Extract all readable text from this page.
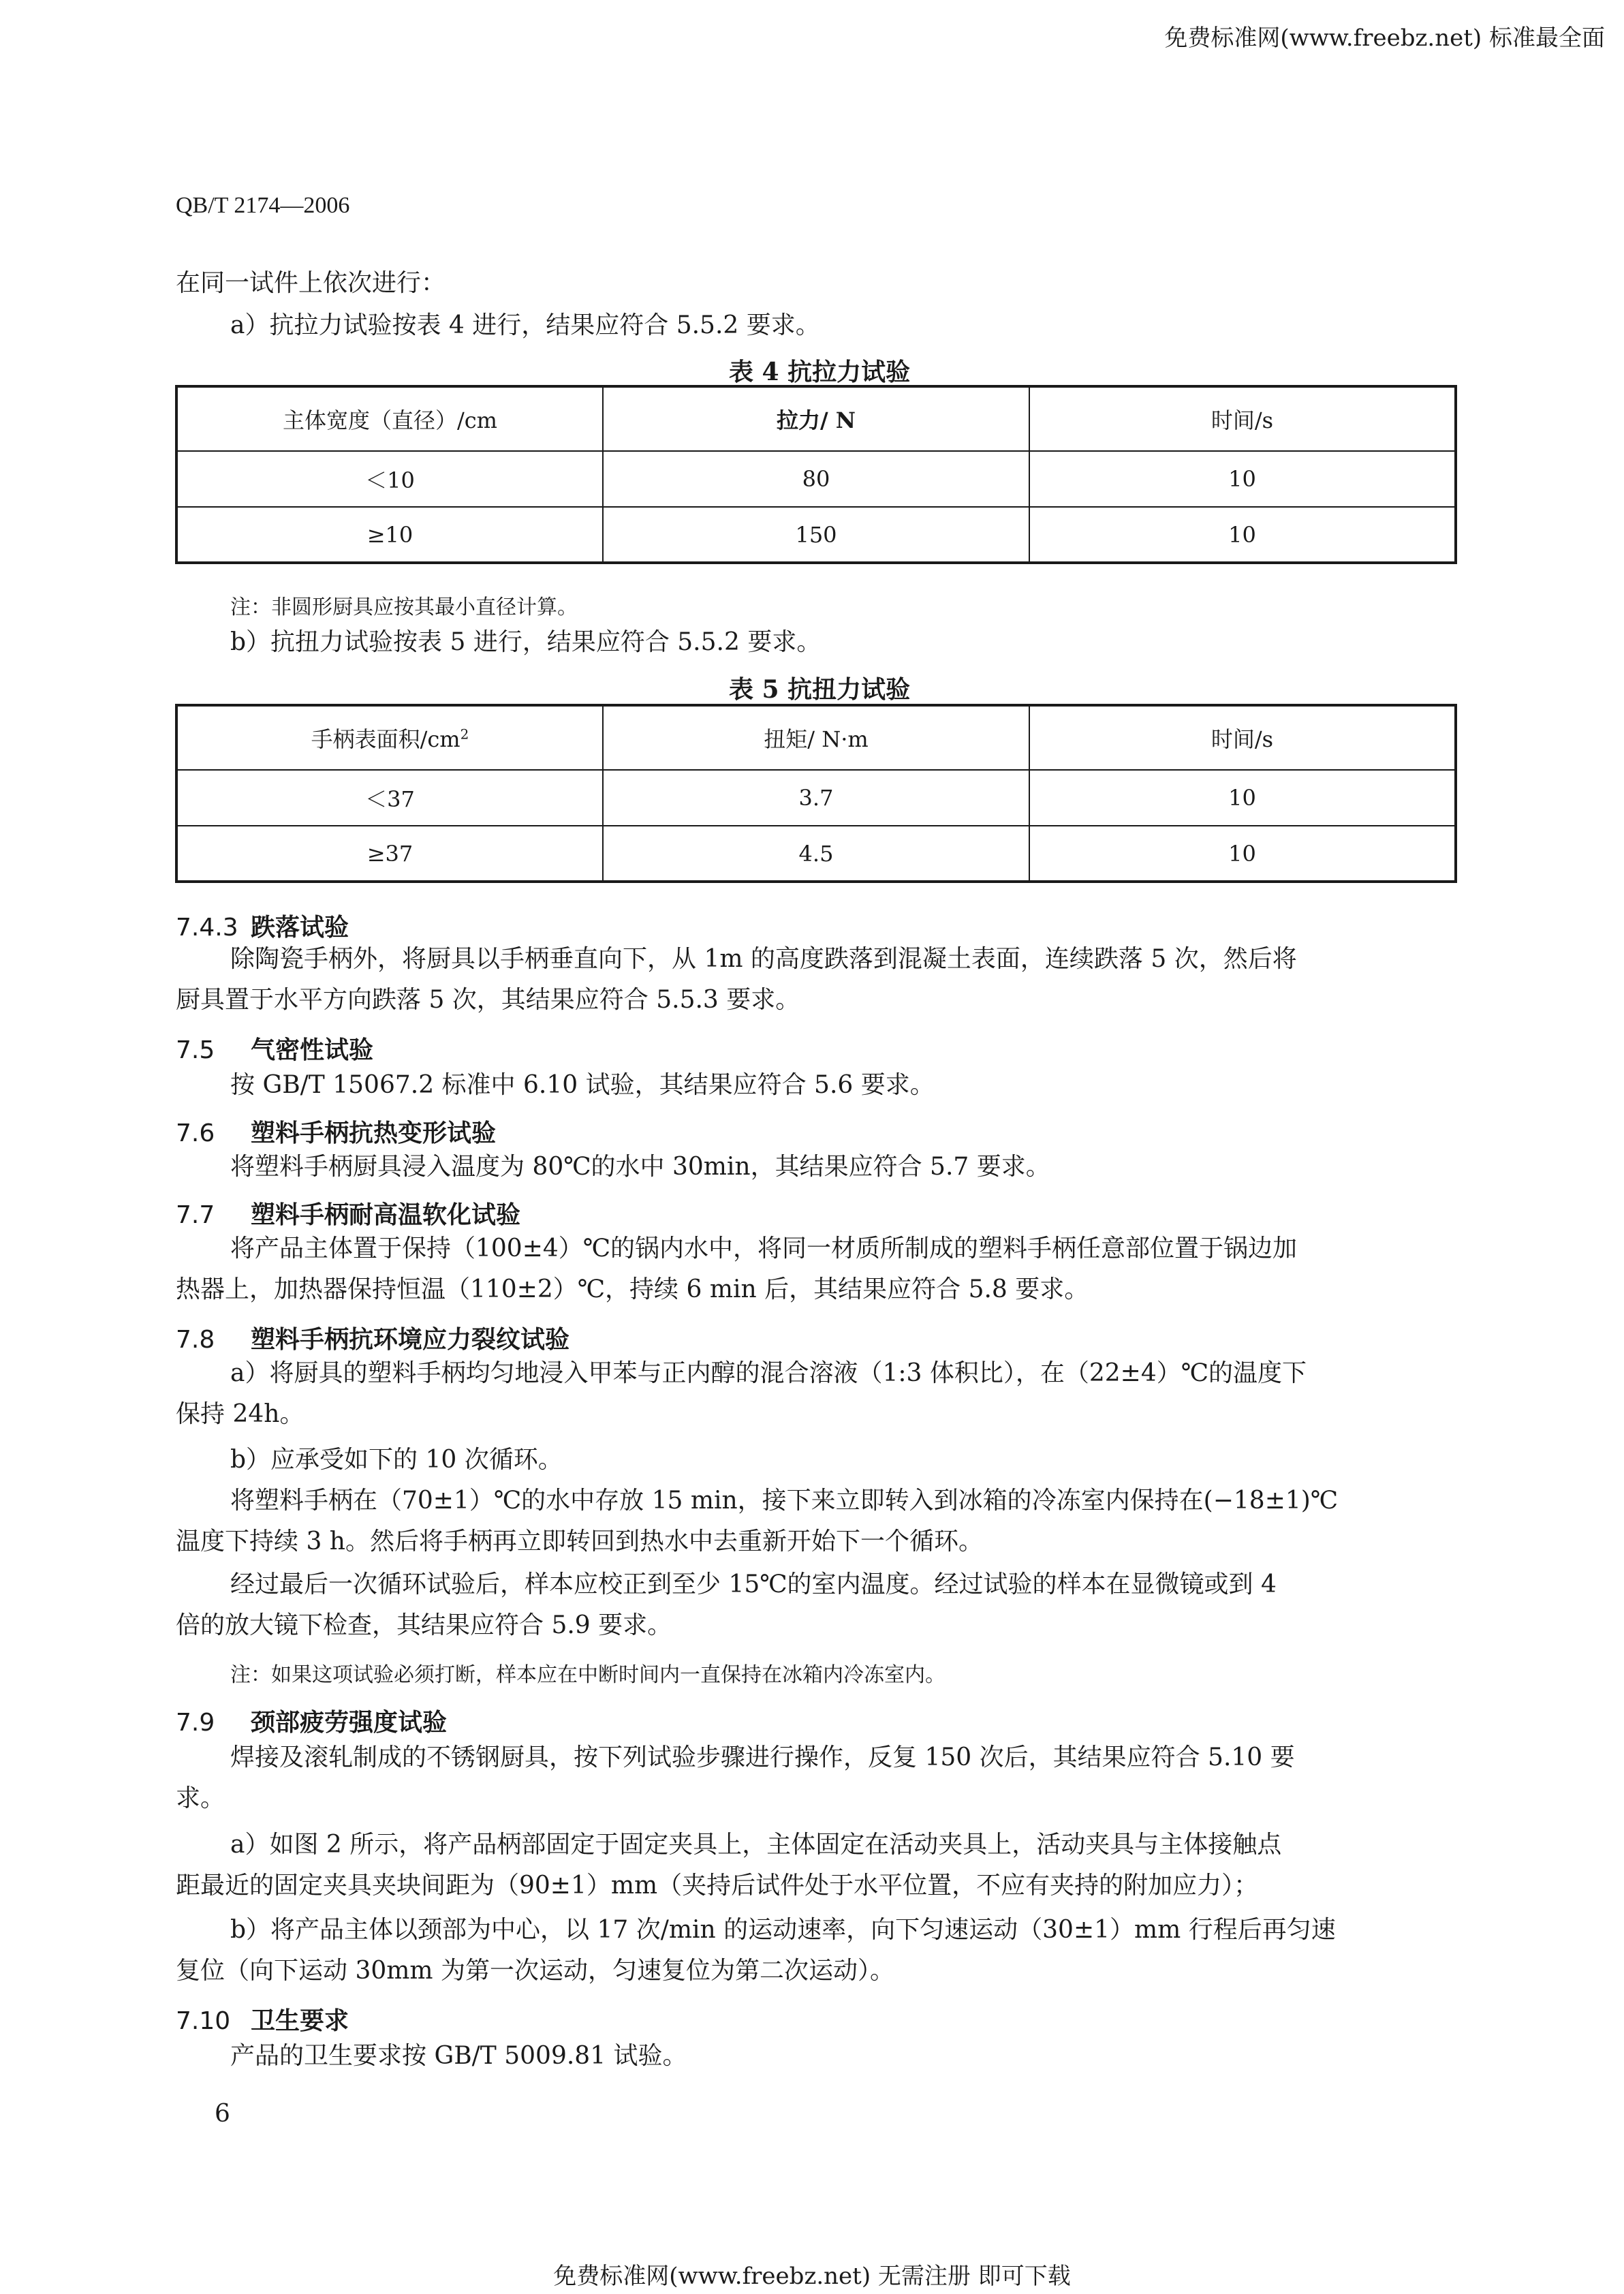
免费标准网(www.freebz.net) 标准最全面
QB/T 2174—2006
在同一试件上依次进行：
a）抗拉力试验按表 4 进行，结果应符合 5.5.2 要求。
表 4 抗拉力试验
主体宽度（直径）/cm	拉力/ N	时间/s
＜10	80	10
≥10	150	10
注：非圆形厨具应按其最小直径计算。
b）抗扭力试验按表 5 进行，结果应符合 5.5.2 要求。
表 5 抗扭力试验
手柄表面积$/cm^2$	扭矩/ N·m	时间/s
＜37	3.7	10
≥37	4.5	10
7.4.3 跌落试验
除陶瓷手柄外，将厨具以手柄垂直向下，从 1m 的高度跌落到混凝土表面，连续跌落 5 次，然后将
厨具置于水平方向跌落 5 次，其结果应符合 5.5.3 要求。
7.5 气密性试验
按 GB/T 15067.2 标准中 6.10 试验，其结果应符合 5.6 要求。
7.6 塑料手柄抗热变形试验
将塑料手柄厨具浸入温度为 80℃的水中 30min，其结果应符合 5.7 要求。
7.7 塑料手柄耐高温软化试验
将产品主体置于保持（100±4）℃的锅内水中，将同一材质所制成的塑料手柄任意部位置于锅边加
热器上，加热器保持恒温（110±2）℃，持续 6 min 后，其结果应符合 5.8 要求。
7.8 塑料手柄抗环境应力裂纹试验
a）将厨具的塑料手柄均匀地浸入甲苯与正内醇的混合溶液（1:3 体积比），在（22±4）℃的温度下
保持 24h。
b）应承受如下的 10 次循环。
将塑料手柄在（70±1）℃的水中存放 15 min，接下来立即转入到冰箱的冷冻室内保持在(−18±1)℃
温度下持续 3 h。然后将手柄再立即转回到热水中去重新开始下一个循环。
经过最后一次循环试验后，样本应校正到至少 15℃的室内温度。经过试验的样本在显微镜或到 4
倍的放大镜下检查，其结果应符合 5.9 要求。
注：如果这项试验必须打断，样本应在中断时间内一直保持在冰箱内冷冻室内。
7.9 颈部疲劳强度试验
焊接及滚轧制成的不锈钢厨具，按下列试验步骤进行操作，反复 150 次后，其结果应符合 5.10 要
求。
a）如图 2 所示，将产品柄部固定于固定夹具上，主体固定在活动夹具上，活动夹具与主体接触点
距最近的固定夹具夹块间距为（90±1）mm（夹持后试件处于水平位置，不应有夹持的附加应力）；
b）将产品主体以颈部为中心，以 17 次/min 的运动速率，向下匀速运动（30±1）mm 行程后再匀速
复位（向下运动 30mm 为第一次运动，匀速复位为第二次运动）。
7.10 卫生要求
产品的卫生要求按 GB/T 5009.81 试验。
6
免费标准网(www.freebz.net) 无需注册 即可下载
